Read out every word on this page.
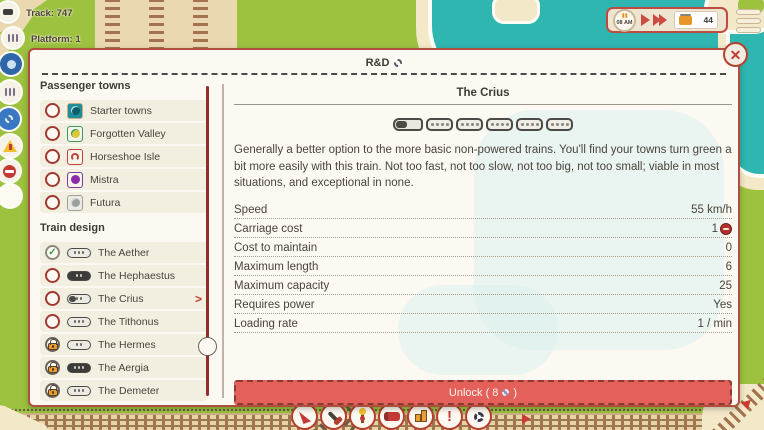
Track: 747
Platform: 1
08 AM	44
!
✕
R&D
Passenger towns
Starter towns
Forgotten Valley
Horseshoe Isle
Mistra
Futura
Train design
✓	The Aether
The Hephaestus
The Crius	>
The Tithonus
The Hermes
The Aergia
The Demeter
The Crius
Generally a better option to the more basic non-powered trains. You'll find your towns turn green a bit more easily with this train. Not too fast, not too slow, not too big, not too small; viable in most situations, and exceptional in none.
Speed	55 km/h
Carriage cost	1
Cost to maintain	0
Maximum length	6
Maximum capacity	25
Requires power	Yes
Loading rate	1 / min
Unlock ( 8 )
